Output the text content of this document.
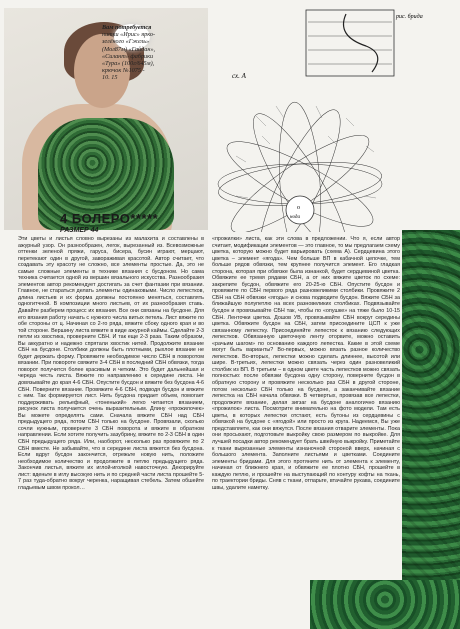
Вам потребуется
нитки «Ирис» ярко-
зелёного «Гжель»
(Мол87м) «Гайдан»,
«Силант» фабрики
«Тура» (100г/645м),
крючок №1075 -
10. 15
рис. брида
сх. А
о
нода
4 БОЛЕРО*****
РАЗМЕР 44
Эти цветы и листья словно вырезаны из малахита и составлены в ажурный узор. Он разнообразен, легок, вырезанный из. Всевозможные оттенки зеленой пряжи, гаруса, бисера, бусин играют, мерцают, перетекают один в другой, завораживая красотой. Автор считает, что создавать эту красоту не сложно, все элементы простые. Да, это не самые сложные элементы в технике вязания с бусдоном. Но сама техника считается одной из вершин вязального искусства. Разнообразия элементов автор рекомендует достигать за счет фантазии при вязании. Главное, не стараться делать элементы одинаковыми. Число лепестков, длина листьев и их форма должны постоянно меняться, составлять одногитчной. В композиции много листьев, от их разнообразия ставь. Давайте разберем процесс их вязания. Все они связаны на бусдоне. Для его вязания работу начать с нужного числа витых петель. Лист вяжите по обе стороны от ц. Начиная со 2-го ряда, вяжите сбоку одного края и во той стороне. Вершину листа вяжите в виде ажурной каймы. Сделайте 2-3 петли из хвостика, проверните СБН. И так еще 2-3 раза. Таким образом, Вы аккуратно и надежно спрятали хвостик нитей. Продолжите вязание СБН на бусдоне. Столбики должны быть плотными, рыхлое вязание не будет держать форму. Провяжите необходимое число СБН в поворотом вязании. При повороте свяжите 3-4 СБН в последний СБН обвязки, тогда поворот получится более красивым и четким. Это будет дальнейшая и череда честь листа. Вяжите по направлению к середине листа. Не довязывайте до края 4-6 СБН. Опустите бусдон и вяжите без бусдона 4-6 СБН. Поверните вязание. Провяжите 4-6 СБН, подводя бусдон и вяжите с ним. Так формируется лист. Нить бусдона придает объем, помогает поддерживать рельефный, «тоненький» легко читается вязанием, рисунок листа получается очень выразительным. Длину «прожилочек» Вы можете определять сами. Сначала вяжите СБН над СБН предыдущего ряда, потом СБН только на бусдоне. Провязали, сколько сочли нужным, проверните 3 СБН поворота и вяжите в обратном направлении. Если хотите получить зазубрину, вяжите по 2-3 СБН в один СБН предыдущего ряда. Или, наоборот, несколько раз провяжите по 2 СБН вместе. Не забывайте, что в середине листа вяжется без бусдона. Если вдруг бусдон закончится, отрежьте новую нить, положите необходимое количество и продолжите в петлю предыдущего ряда. Закончив листья, вяжите их иглой-иголкой навосточную. Декорируйте лист: вденьте в иглу высокую нить и по средней части листа прошейте 5-7 раз туда-обратно вокруг черенка, наращивая стебель. Затем обшейте гладьевым швом прокол…
«прожилки» листа, как эти слова в предложении. Что я, если автор считает, модификации элементов — это главное, то мы предлагаем схему цветка, которую можно будет варьировать (схема А). Сердцевина этого цветка – элемент «ягода». Чем больше ВП в кабачной цепочке, тем больше рядов обвязки, тем крупнее получится элемент. Его гладкая сторона, которая при обвязке была изнанкой, будет сердцевиной цветка. Обвяжите ее тремя рядами СБН, а от них вяжите цветок по схеме: закрепите бусдон, обвяжите его 20-25-ю СБН. Опустите бусдон и провяжите по СБН первого ряда разновеликими столбики. Провяжите 2 СБН на СБН обвязки «ягоды» и снова подводите бусдон. Вяжите СБН за ближайшую полупетлю на всех разновеликих столбиках. Подвязывайте бусдон и провязывайте СБН так, чтобы по «опушке» на тяже было 10-15 СБН. Ленточки цветка. Дошов УВ, провязывайте СБН вокруг середины цветка. Обвяжите бусдон на СБН, затем присоедините ЦСП к уже связанному лепестку. Присоединяйте лепесток к вязанию следующих лепестков. Обвязанную цветочную ленту оторвите, можно оставить «рачьим шагом» по основанию каждого лепестка. Какие в этой схеме могут быть варианты? Во-первых, можно вязать разное количество лепестков. Во-вторых, лепестки можно сделать длиннее, высотой или шире. В-третьих, лепестки можно связать через один разновеликий столбик из ВП. В третьем – в одном цвете часть лепестков можно связать полностью: после обвязки бусдона одну сторону, поверните бусдон в обратную сторону и провяжите несколько раз СБН в другой стороне, потом несколько СБН только на бусдоне, а заканчивайте вязание лепестка на СБН начала обвязки. В четвертых, провязав все лепестки, продолжите вязание, делая зигзаг на бусдоне аналогично вязанию «прожилок» листа. Посмотрите внимательно на фото модели. Там есть цветы, в которых лепестки отстают, есть бутоны из сердцевины с обвязкой на бусдоне с «ягодой» или просто из круга. Надеемся, Вы уже представляете, как они вяжутся. После вязания отварите элементы. Пока они просыхают, подготовьте выкройку свою размером по выкройке. Для лучшей посадки автор рекомендует брать швейную выкройку. Приметайте к ткани вырезанные элементы изнаночной стороной вверх, начиная с большого элемента. Заполните листьями и цветками. Соедините элементы бридами. Для этого протяните нить от элемента к элементу, начиная от ближнего края, и обвяжите ее плотно СБН, прошейте в каждую петлю, и прошейте на выступающий по контуру кофты на ткань, по траектории бриды. Сняв с ткани, отпарьте, втачайте рукава, соедините швы, удалите наметку.
